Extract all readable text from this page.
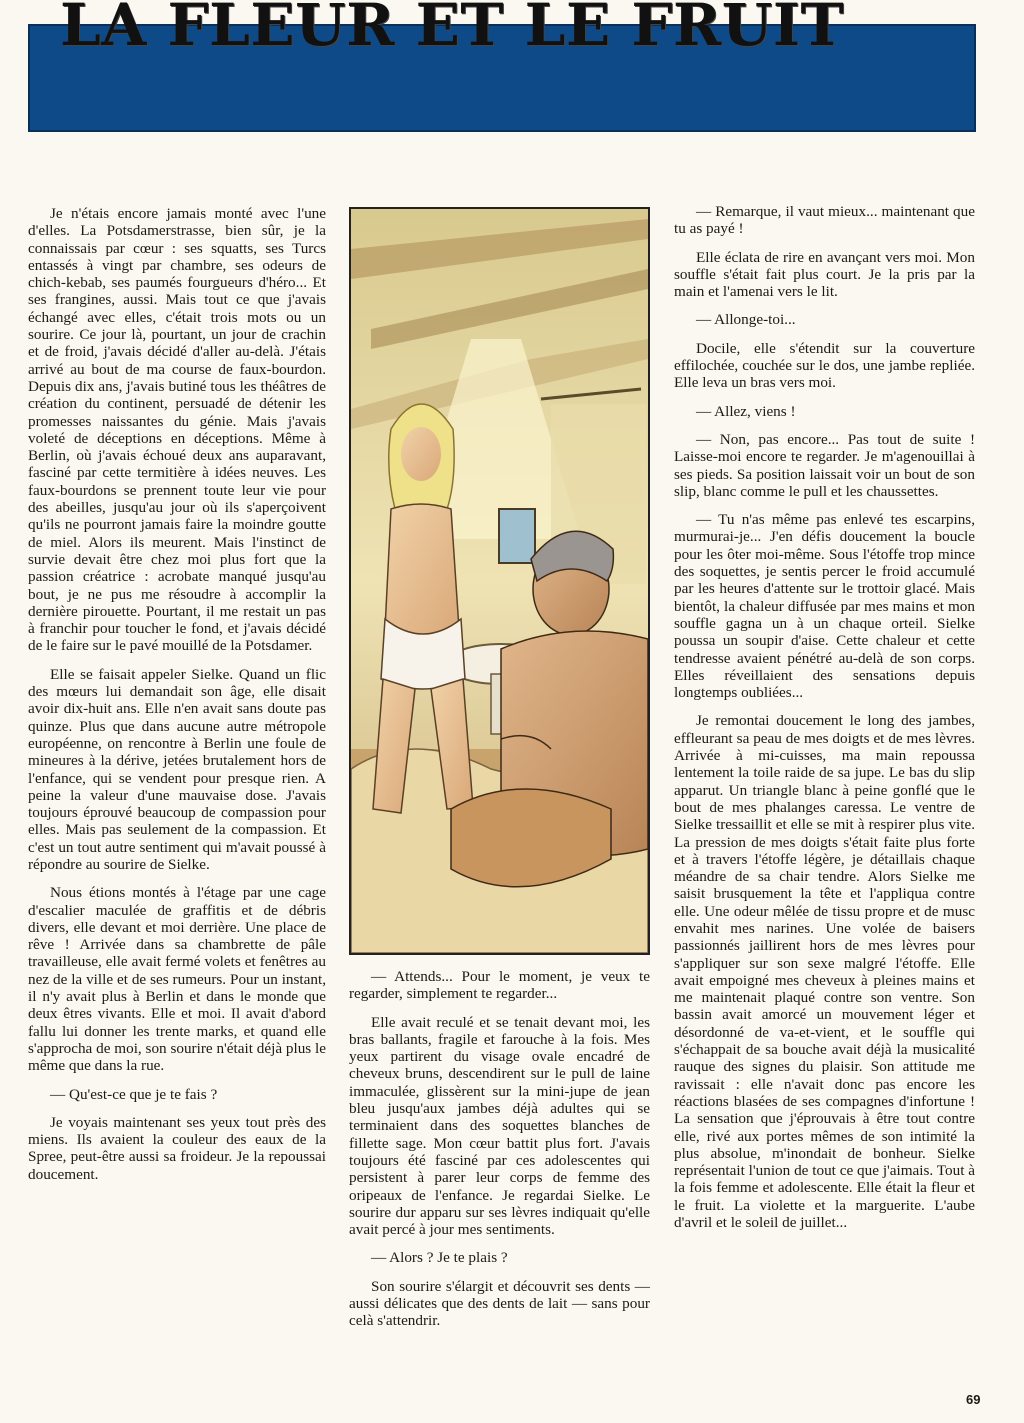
LA FLEUR ET LE FRUIT

Je n'étais encore jamais monté avec l'une d'elles. La Potsdamerstrasse, bien sûr, je la connaissais par cœur : ses squatts, ses Turcs entassés à vingt par chambre, ses odeurs de chich-kebab, ses paumés fourgueurs d'héro... Et ses frangines, aussi. Mais tout ce que j'avais échangé avec elles, c'était trois mots ou un sourire. Ce jour là, pourtant, un jour de crachin et de froid, j'avais décidé d'aller au-delà. J'étais arrivé au bout de ma course de faux-bourdon. Depuis dix ans, j'avais butiné tous les théâtres de création du continent, persuadé de détenir les promesses naissantes du génie. Mais j'avais voleté de déceptions en déceptions. Même à Berlin, où j'avais échoué deux ans auparavant, fasciné par cette termitière à idées neuves. Les faux-bourdons se prennent toute leur vie pour des abeilles, jusqu'au jour où ils s'aperçoivent qu'ils ne pourront jamais faire la moindre goutte de miel. Alors ils meurent. Mais l'instinct de survie devait être chez moi plus fort que la passion créatrice : acrobate manqué jusqu'au bout, je ne pus me résoudre à accomplir la dernière pirouette. Pourtant, il me restait un pas à franchir pour toucher le fond, et j'avais décidé de le faire sur le pavé mouillé de la Potsdamer.

Elle se faisait appeler Sielke. Quand un flic des mœurs lui demandait son âge, elle disait avoir dix-huit ans. Elle n'en avait sans doute pas quinze. Plus que dans aucune autre métropole européenne, on rencontre à Berlin une foule de mineures à la dérive, jetées brutalement hors de l'enfance, qui se vendent pour presque rien. A peine la valeur d'une mauvaise dose. J'avais toujours éprouvé beaucoup de compassion pour elles. Mais pas seulement de la compassion. Et c'est un tout autre sentiment qui m'avait poussé à répondre au sourire de Sielke.

Nous étions montés à l'étage par une cage d'escalier maculée de graffitis et de débris divers, elle devant et moi derrière. Une place de rêve ! Arrivée dans sa chambrette de pâle travailleuse, elle avait fermé volets et fenêtres au nez de la ville et de ses rumeurs. Pour un instant, il n'y avait plus à Berlin et dans le monde que deux êtres vivants. Elle et moi. Il avait d'abord fallu lui donner les trente marks, et quand elle s'approcha de moi, son sourire n'était déjà plus le même que dans la rue.

— Qu'est-ce que je te fais ?

Je voyais maintenant ses yeux tout près des miens. Ils avaient la couleur des eaux de la Spree, peut-être aussi sa froideur. Je la repoussai doucement.

— Attends... Pour le moment, je veux te regarder, simplement te regarder...

Elle avait reculé et se tenait devant moi, les bras ballants, fragile et farouche à la fois. Mes yeux partirent du visage ovale encadré de cheveux bruns, descendirent sur le pull de laine immaculée, glissèrent sur la mini-jupe de jean bleu jusqu'aux jambes déjà adultes qui se terminaient dans des soquettes blanches de fillette sage. Mon cœur battit plus fort. J'avais toujours été fasciné par ces adolescentes qui persistent à parer leur corps de femme des oripeaux de l'enfance. Je regardai Sielke. Le sourire dur apparu sur ses lèvres indiquait qu'elle avait percé à jour mes sentiments.

— Alors ? Je te plais ?

Son sourire s'élargit et découvrit ses dents — aussi délicates que des dents de lait — sans pour celà s'attendrir.

— Remarque, il vaut mieux... maintenant que tu as payé !

Elle éclata de rire en avançant vers moi. Mon souffle s'était fait plus court. Je la pris par la main et l'amenai vers le lit.

— Allonge-toi...

Docile, elle s'étendit sur la couverture effilochée, couchée sur le dos, une jambe repliée. Elle leva un bras vers moi.

— Allez, viens !

— Non, pas encore... Pas tout de suite ! Laisse-moi encore te regarder. Je m'agenouillai à ses pieds. Sa position laissait voir un bout de son slip, blanc comme le pull et les chaussettes.

— Tu n'as même pas enlevé tes escarpins, murmurai-je... J'en défis doucement la boucle pour les ôter moi-même. Sous l'étoffe trop mince des soquettes, je sentis percer le froid accumulé par les heures d'attente sur le trottoir glacé. Mais bientôt, la chaleur diffusée par mes mains et mon souffle gagna un à un chaque orteil. Sielke poussa un soupir d'aise. Cette chaleur et cette tendresse avaient pénétré au-delà de son corps. Elles réveillaient des sensations depuis longtemps oubliées...

Je remontai doucement le long des jambes, effleurant sa peau de mes doigts et de mes lèvres. Arrivée à mi-cuisses, ma main repoussa lentement la toile raide de sa jupe. Le bas du slip apparut. Un triangle blanc à peine gonflé que le bout de mes phalanges caressa. Le ventre de Sielke tressaillit et elle se mit à respirer plus vite. La pression de mes doigts s'était faite plus forte et à travers l'étoffe légère, je détaillais chaque méandre de sa chair tendre. Alors Sielke me saisit brusquement la tête et l'appliqua contre elle. Une odeur mêlée de tissu propre et de musc envahit mes narines. Une volée de baisers passionnés jaillirent hors de mes lèvres pour s'appliquer sur son sexe malgré l'étoffe. Elle avait empoigné mes cheveux à pleines mains et me maintenait plaqué contre son ventre. Son bassin avait amorcé un mouvement léger et désordonné de va-et-vient, et le souffle qui s'échappait de sa bouche avait déjà la musicalité rauque des signes du plaisir. Son attitude me ravissait : elle n'avait donc pas encore les réactions blasées de ses compagnes d'infortune ! La sensation que j'éprouvais à être tout contre elle, rivé aux portes mêmes de son intimité la plus absolue, m'inondait de bonheur. Sielke représentait l'union de tout ce que j'aimais. Tout à la fois femme et adolescente. Elle était la fleur et le fruit. La violette et la marguerite. L'aube d'avril et le soleil de juillet...

69
